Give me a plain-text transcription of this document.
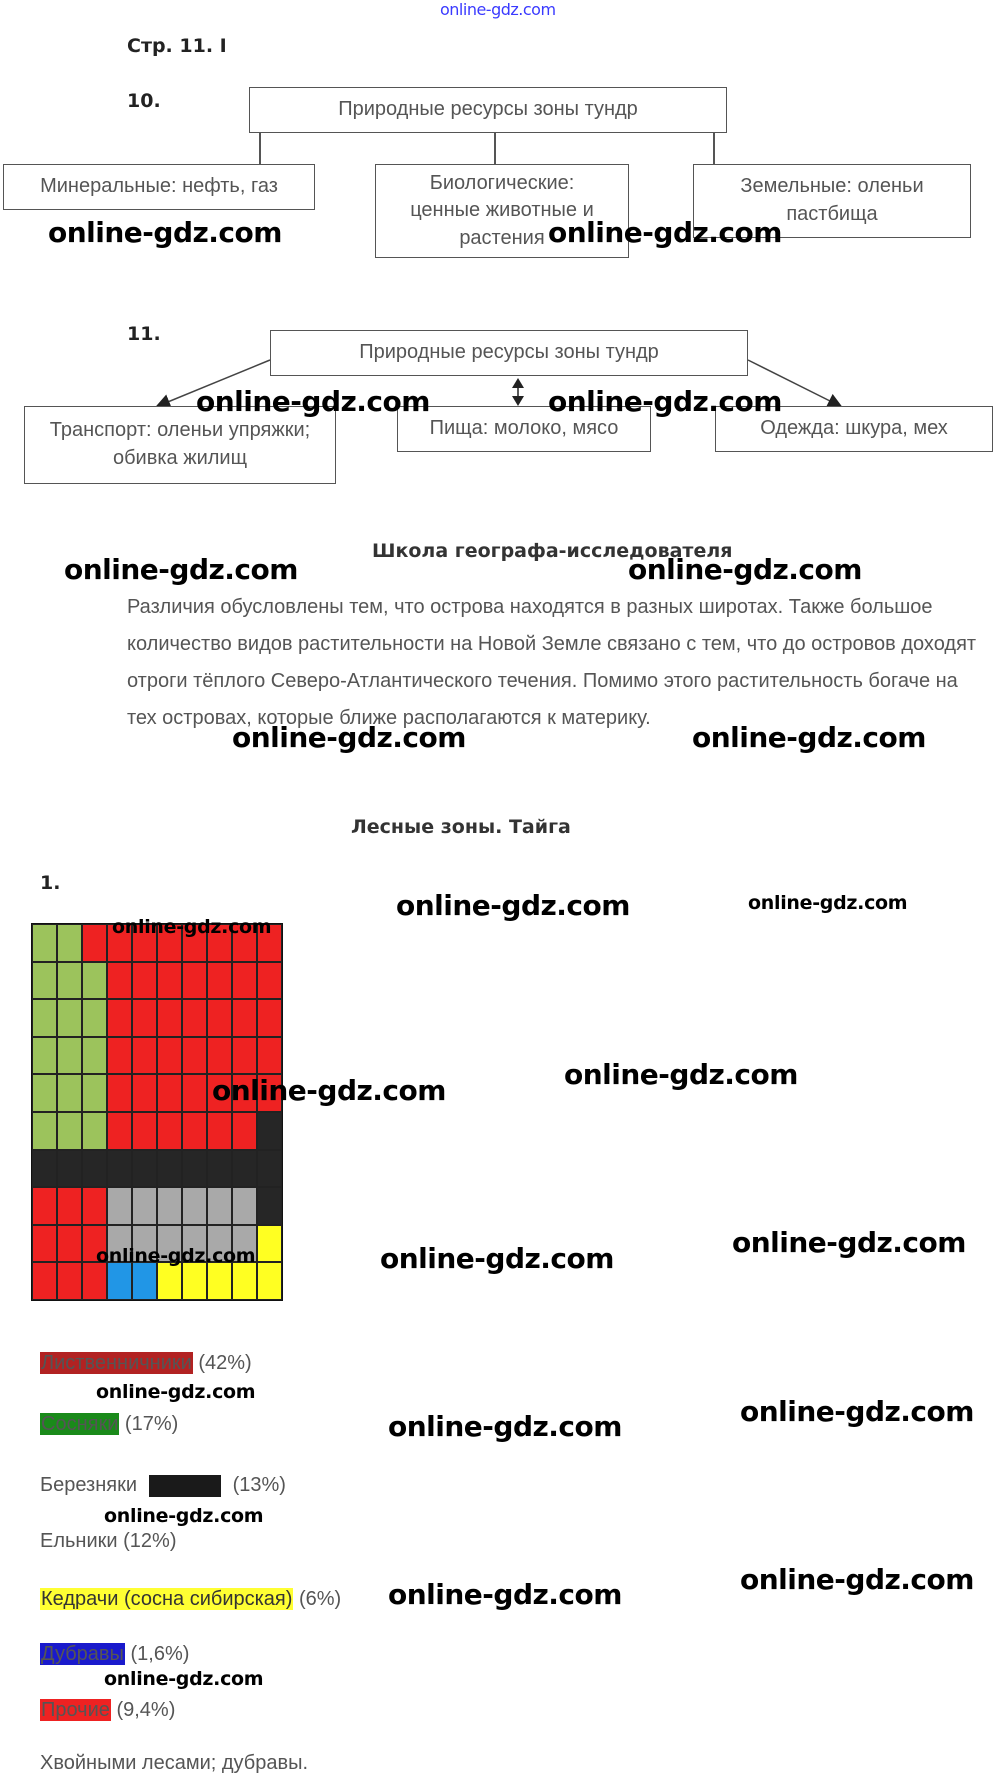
online-gdz.com
Стр. 11. I
10.	Природные ресурсы зоны тундр
Минеральные: нефть, газ	Биологические: ценные животные и растения
Земельные: оленьи пастбища
11.
Природные ресурсы зоны тундр
Транспорт: оленьи упряжки; обивка жилищ
Пища: молоко, мясо	Одежда: шкура, мех
Школа географа-исследователя
Различия обусловлены тем, что острова находятся в разных широтах. Также большое количество видов растительности на Новой Земле связано с тем, что до островов доходят отроги тёплого Северо-Атлантического течения. Помимо этого растительность богаче на тех островах, которые ближе располагаются к материку.
Лесные зоны. Тайга
1.
Лиственничники (42%)
Сосняки (17%)
Березняки	(13%)
Ельники (12%)
Кедрачи (сосна сибирская) (6%)
Дубравы (1,6%)
Прочие (9,4%)
Хвойными лесами; дубравы.
online-gdz.com	online-gdz.com
online-gdz.com	online-gdz.com
online-gdz.com	online-gdz.com
online-gdz.com	online-gdz.com
online-gdz.com	online-gdz.com
online-gdz.com
online-gdz.com	online-gdz.com
online-gdz.com	online-gdz.com	online-gdz.com
online-gdz.com
online-gdz.com	online-gdz.com
online-gdz.com
online-gdz.com	online-gdz.com
online-gdz.com
